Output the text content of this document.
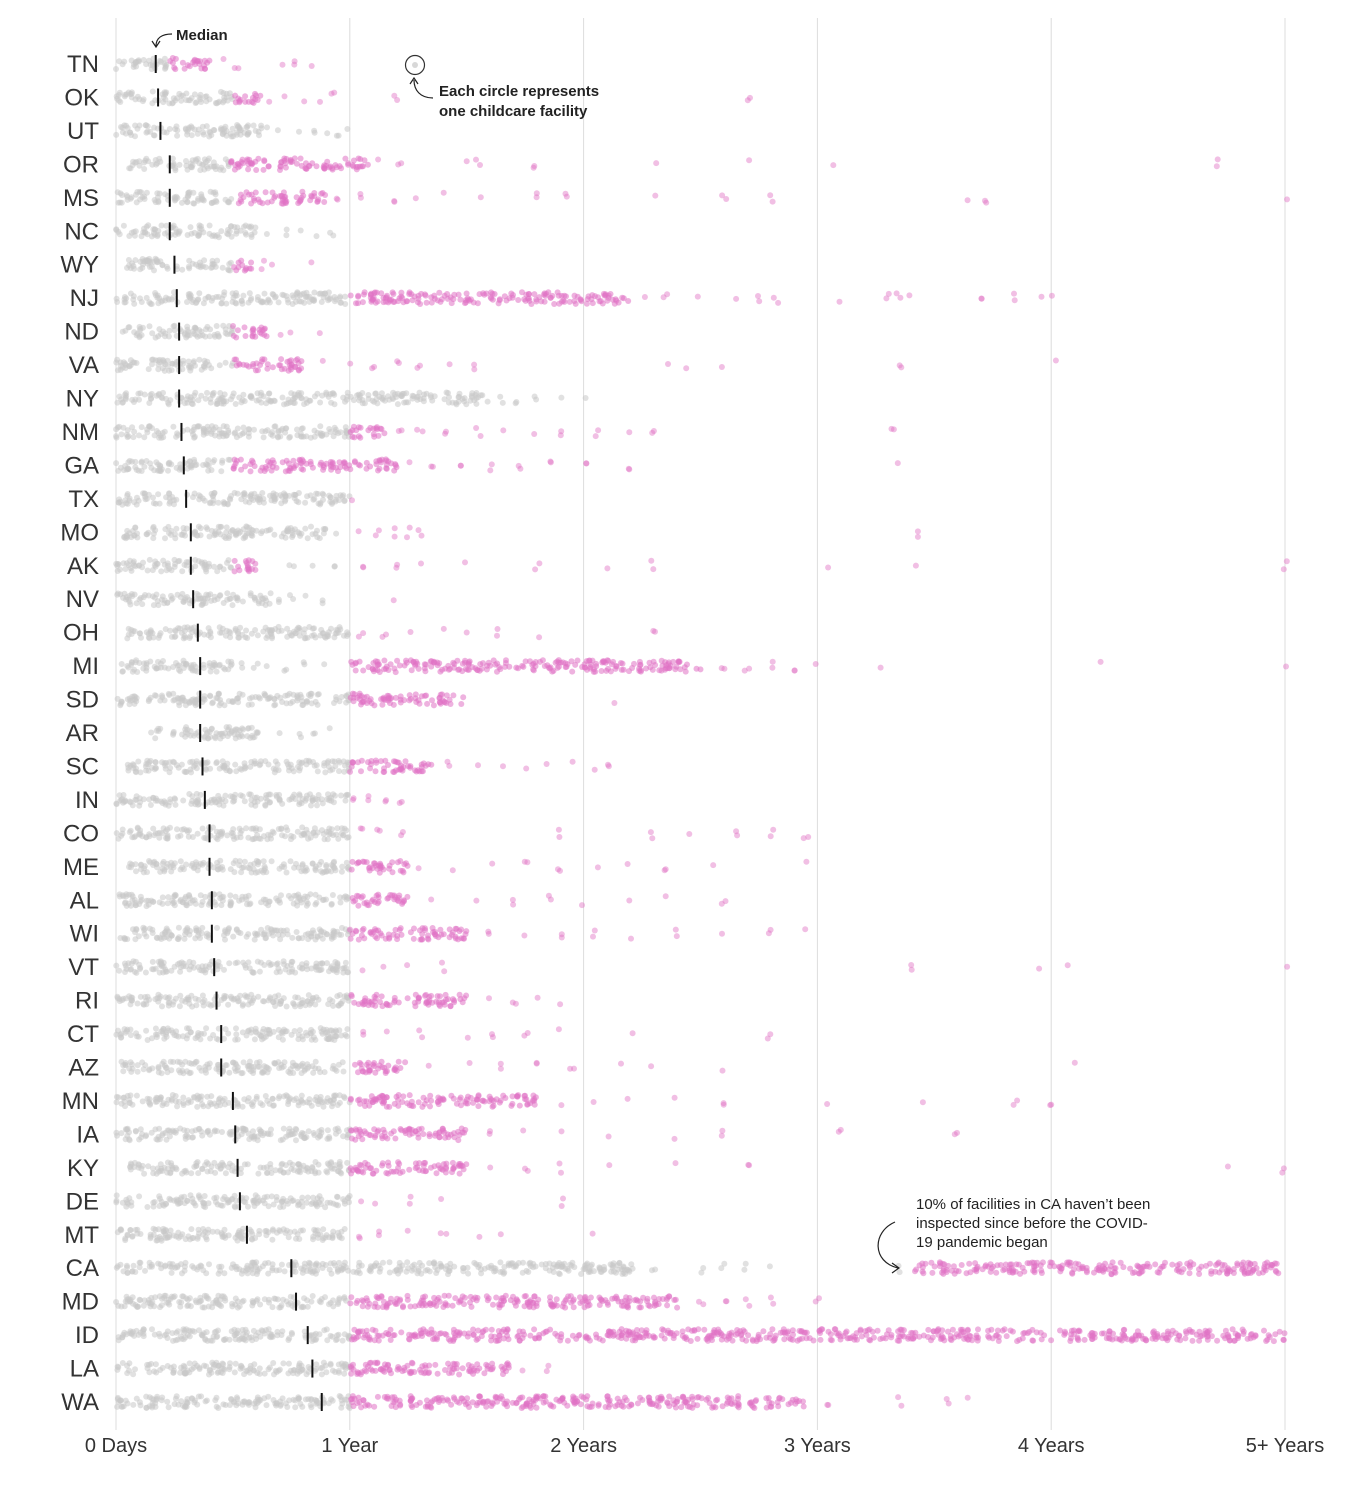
TN
OK
UT
OR
MS
NC
WY
NJ
ND
VA
NY
NM
GA
TX
MO
AK
NV
OH
MI
SD
AR
SC
IN
CO
ME
AL
WI
VT
RI
CT
AZ
MN
IA
KY
DE
MT
CA
MD
ID
LA
WA
0 Days	1 Year	2 Years	3 Years	4 Years	5+ Years
Median
Each circle represents
one childcare facility
10% of facilities in CA haven’t been
inspected since before the COVID-
19 pandemic began
